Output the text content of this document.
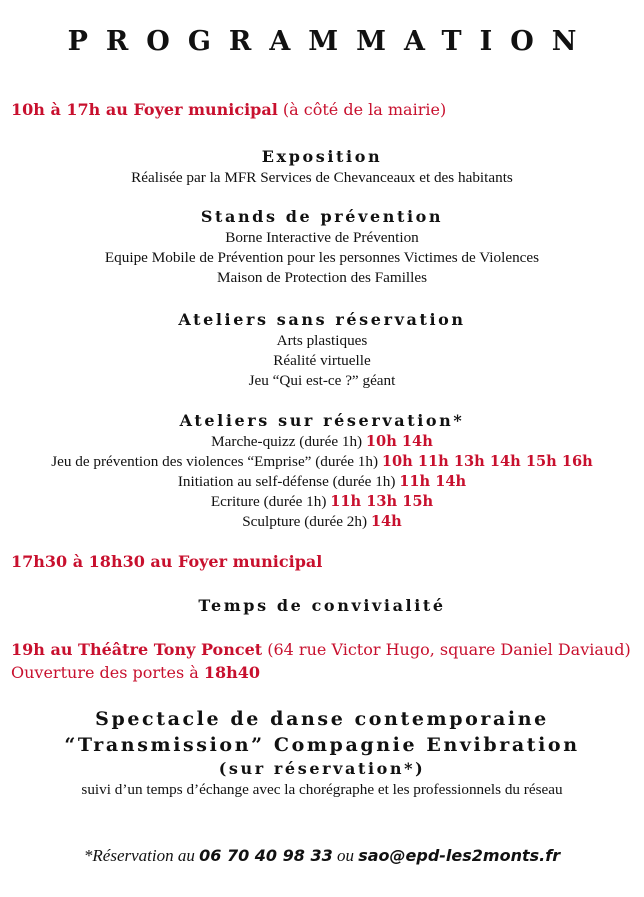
PROGRAMMATION
10h à 17h au Foyer municipal (à côté de la mairie)

Exposition

Réalisée par la MFR Services de Chevanceaux et des habitants

Stands de prévention

Borne Interactive de Prévention

Equipe Mobile de Prévention pour les personnes Victimes de Violences

Maison de Protection des Familles

Ateliers sans réservation

Arts plastiques

Réalité virtuelle

Jeu “Qui est-ce ?” géant

Ateliers sur réservation*

Marche-quizz (durée 1h) 10h 14h

Jeu de prévention des violences “Emprise” (durée 1h) 10h 11h 13h 14h 15h 16h

Initiation au self-défense (durée 1h) 11h 14h

Ecriture (durée 1h) 11h 13h 15h

Sculpture (durée 2h) 14h

17h30 à 18h30 au Foyer municipal

Temps de convivialité

19h au Théâtre Tony Poncet (64 rue Victor Hugo, square Daniel Daviaud)
Ouverture des portes à 18h40

Spectacle de danse contemporaine

“Transmission” Compagnie Envibration

(sur réservation*)

suivi d’un temps d’échange avec la chorégraphe et les professionnels du réseau

*Réservation au 06 70 40 98 33 ou sao@epd-les2monts.fr
